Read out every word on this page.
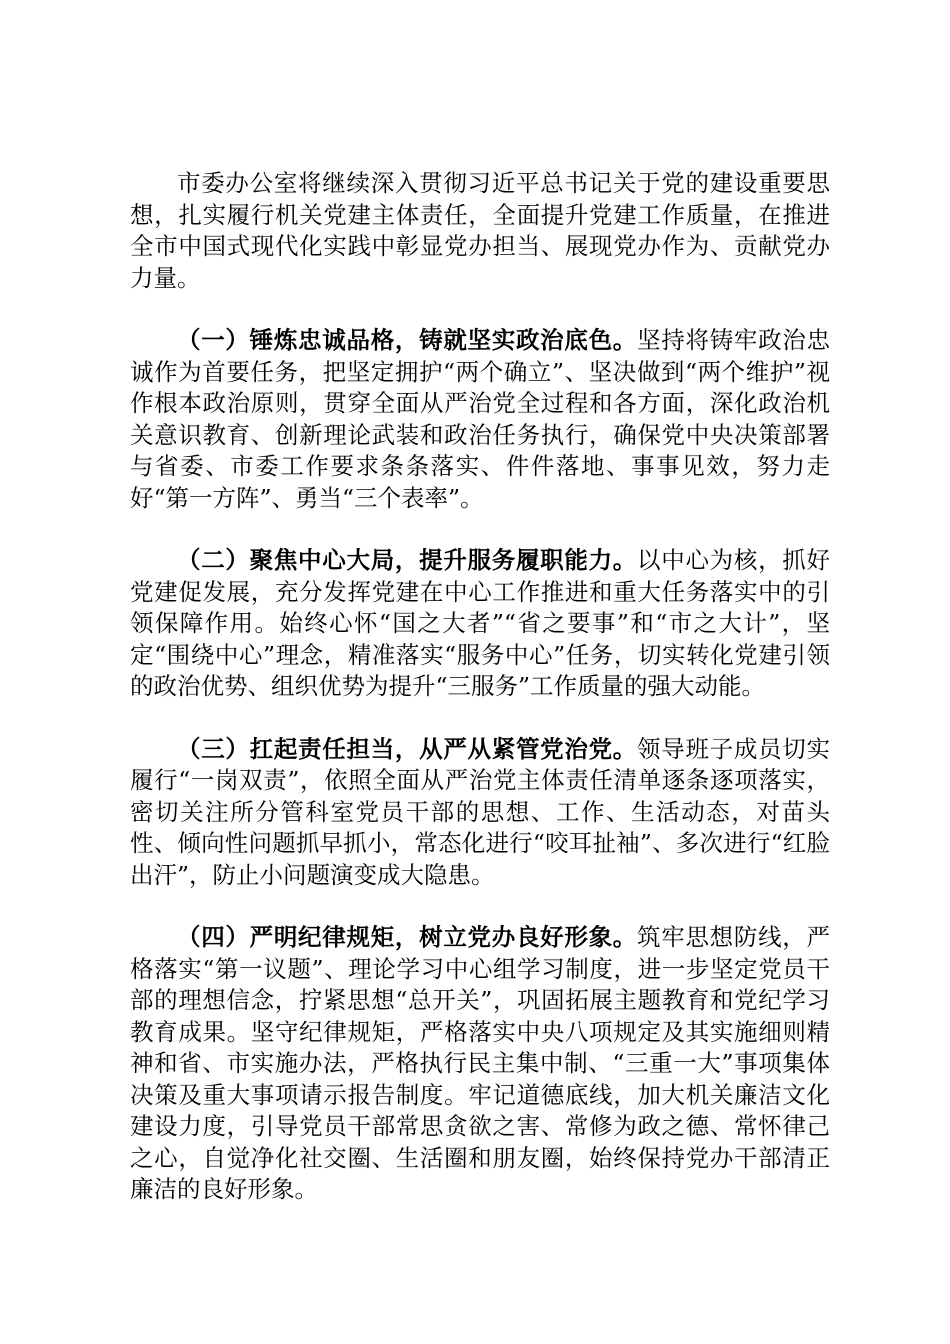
市委办公室将继续深入贯彻习近平总书记关于党的建设重要思想，扎实履行机关党建主体责任，全面提升党建工作质量，在推进全市中国式现代化实践中彰显党办担当、展现党办作为、贡献党办力量。

（一）锤炼忠诚品格，铸就坚实政治底色。坚持将铸牢政治忠诚作为首要任务，把坚定拥护“两个确立”、坚决做到“两个维护”视作根本政治原则，贯穿全面从严治党全过程和各方面，深化政治机关意识教育、创新理论武装和政治任务执行，确保党中央决策部署与省委、市委工作要求条条落实、件件落地、事事见效，努力走好“第一方阵”、勇当“三个表率”。

（二）聚焦中心大局，提升服务履职能力。以中心为核，抓好党建促发展，充分发挥党建在中心工作推进和重大任务落实中的引领保障作用。始终心怀“国之大者”“省之要事”和“市之大计”，坚定“围绕中心”理念，精准落实“服务中心”任务，切实转化党建引领的政治优势、组织优势为提升“三服务”工作质量的强大动能。

（三）扛起责任担当，从严从紧管党治党。领导班子成员切实履行“一岗双责”，依照全面从严治党主体责任清单逐条逐项落实，密切关注所分管科室党员干部的思想、工作、生活动态，对苗头性、倾向性问题抓早抓小，常态化进行“咬耳扯袖”、多次进行“红脸出汗”，防止小问题演变成大隐患。

（四）严明纪律规矩，树立党办良好形象。筑牢思想防线，严格落实“第一议题”、理论学习中心组学习制度，进一步坚定党员干部的理想信念，拧紧思想“总开关”，巩固拓展主题教育和党纪学习教育成果。坚守纪律规矩，严格落实中央八项规定及其实施细则精神和省、市实施办法，严格执行民主集中制、“三重一大”事项集体决策及重大事项请示报告制度。牢记道德底线，加大机关廉洁文化建设力度，引导党员干部常思贪欲之害、常修为政之德、常怀律己之心，自觉净化社交圈、生活圈和朋友圈，始终保持党办干部清正廉洁的良好形象。
